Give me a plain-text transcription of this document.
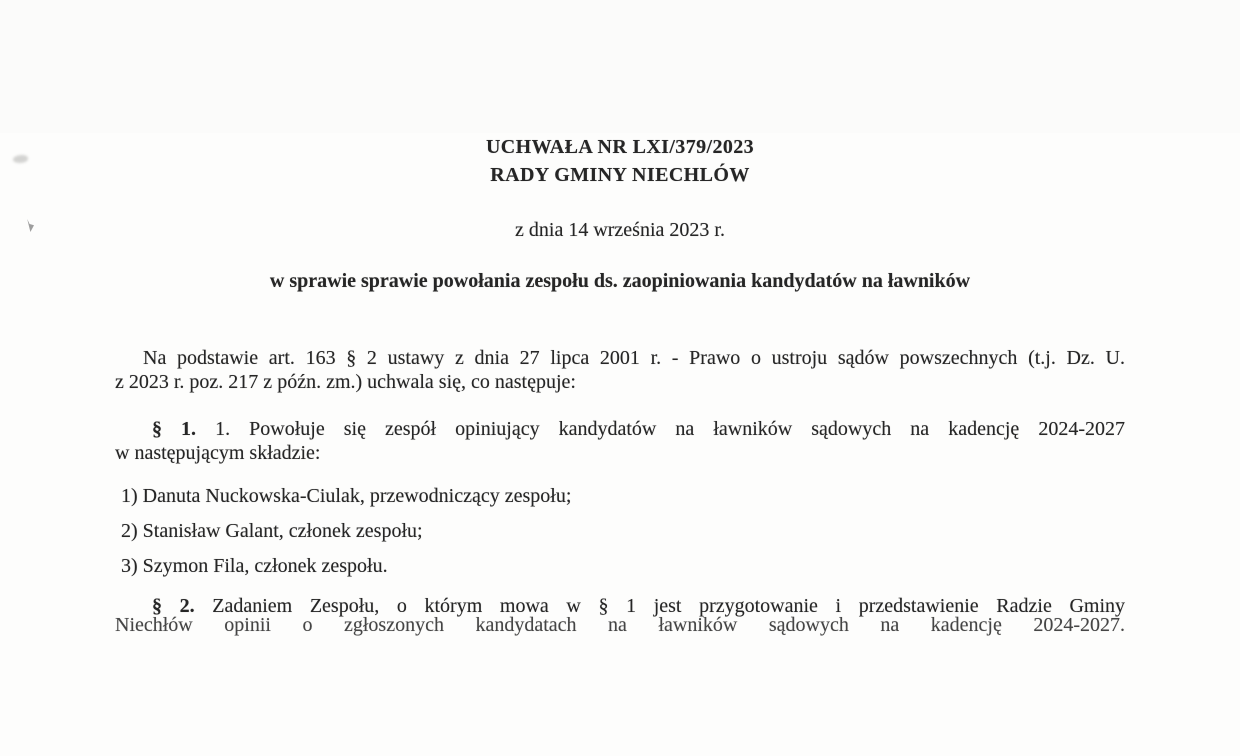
UCHWAŁA NR LXI/379/2023
RADY GMINY NIECHLÓW
z dnia 14 września 2023 r.
w sprawie sprawie powołania zespołu ds. zaopiniowania kandydatów na ławników
Na podstawie art. 163 § 2 ustawy z dnia 27 lipca 2001 r. - Prawo o ustroju sądów powszechnych (t.j. Dz. U.
z 2023 r. poz. 217 z późn. zm.) uchwala się, co następuje:
§ 1. 1. Powołuje się zespół opiniujący kandydatów na ławników sądowych na kadencję 2024-2027
w następującym składzie:
1) Danuta Nuckowska-Ciulak, przewodniczący zespołu;
2) Stanisław Galant, członek zespołu;
3) Szymon Fila, członek zespołu.
§ 2. Zadaniem Zespołu, o którym mowa w § 1 jest przygotowanie i przedstawienie Radzie Gminy
Niechłów opinii o zgłoszonych kandydatach na ławników sądowych na kadencję 2024-2027.
